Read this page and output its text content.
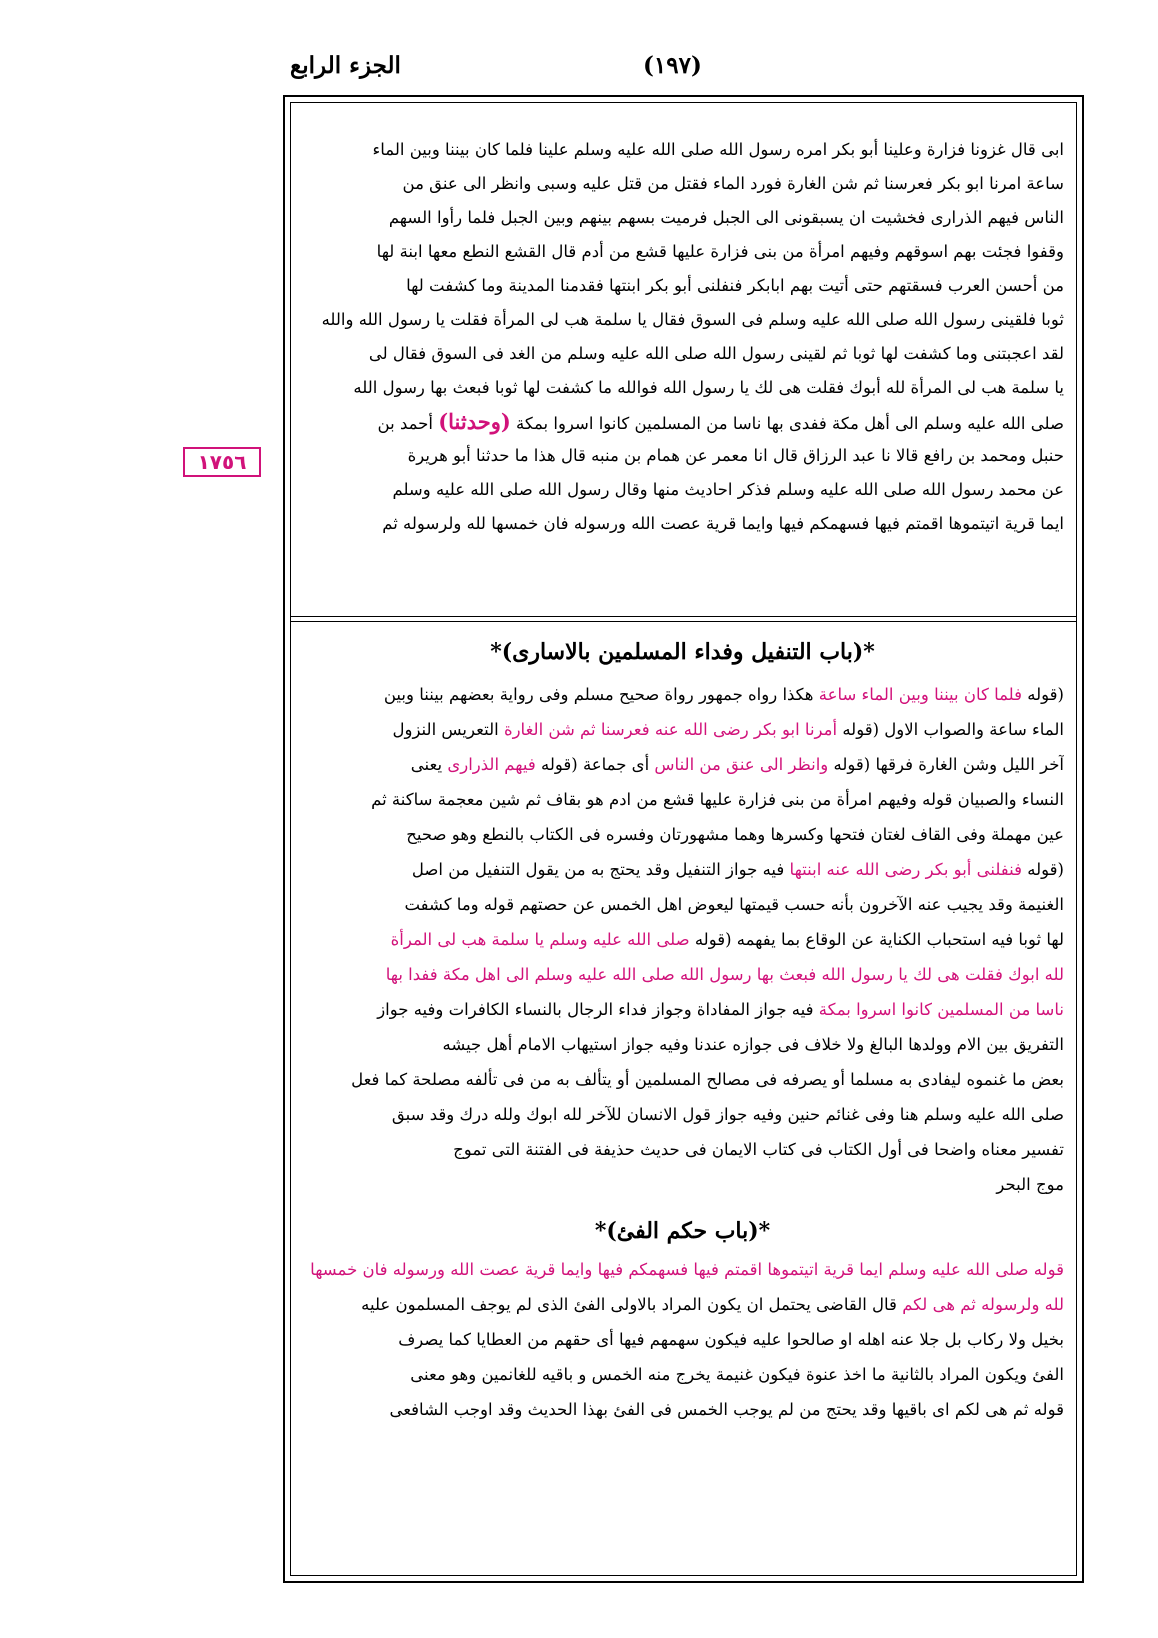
الجزء الرابع	(١٩٧)
١٧٥٦
ابى قال غزونا فزارة وعلينا أبو بكر امره رسول الله صلى الله عليه وسلم علينا فلما كان بيننا وبين الماء
ساعة امرنا ابو بكر فعرسنا ثم شن الغارة فورد الماء فقتل من قتل عليه وسبى وانظر الى عنق من
الناس فيهم الذرارى فخشيت ان يسبقونى الى الجبل فرميت بسهم بينهم وبين الجبل فلما رأوا السهم
وقفوا فجئت بهم اسوقهم وفيهم امرأة من بنى فزارة عليها قشع من أدم قال القشع النطع معها ابنة لها
من أحسن العرب فسقتهم حتى أتيت بهم ابابكر فنفلنى أبو بكر ابنتها فقدمنا المدينة وما كشفت لها
ثوبا فلقينى رسول الله صلى الله عليه وسلم فى السوق فقال يا سلمة هب لى المرأة فقلت يا رسول الله والله
لقد اعجبتنى وما كشفت لها ثوبا ثم لقينى رسول الله صلى الله عليه وسلم من الغد فى السوق فقال لى
يا سلمة هب لى المرأة لله أبوك فقلت هى لك يا رسول الله فوالله ما كشفت لها ثوبا فبعث بها رسول الله
صلى الله عليه وسلم الى أهل مكة ففدى بها ناسا من المسلمين كانوا اسروا بمكة (وحدثنا) أحمد بن
حنبل ومحمد بن رافع قالا نا عبد الرزاق قال انا معمر عن همام بن منبه قال هذا ما حدثنا أبو هريرة
عن محمد رسول الله صلى الله عليه وسلم فذكر احاديث منها وقال رسول الله صلى الله عليه وسلم
ايما قرية اتيتموها اقمتم فيها فسهمكم فيها وايما قرية عصت الله ورسوله فان خمسها لله ولرسوله ثم
*(باب التنفيل وفداء المسلمين بالاسارى)*
(قوله فلما كان بيننا وبين الماء ساعة هكذا رواه جمهور رواة صحيح مسلم وفى رواية بعضهم بيننا وبين
الماء ساعة والصواب الاول (قوله أمرنا ابو بكر رضى الله عنه فعرسنا ثم شن الغارة التعريس النزول
آخر الليل وشن الغارة فرقها (قوله وانظر الى عنق من الناس أى جماعة (قوله فيهم الذرارى يعنى
النساء والصبيان قوله وفيهم امرأة من بنى فزارة عليها قشع من ادم هو بقاف ثم شين معجمة ساكنة ثم
عين مهملة وفى القاف لغتان فتحها وكسرها وهما مشهورتان وفسره فى الكتاب بالنطع وهو صحيح
(قوله فنفلنى أبو بكر رضى الله عنه ابنتها فيه جواز التنفيل وقد يحتج به من يقول التنفيل من اصل
الغنيمة وقد يجيب عنه الآخرون بأنه حسب قيمتها ليعوض اهل الخمس عن حصتهم قوله وما كشفت
لها ثوبا فيه استحباب الكناية عن الوقاع بما يفهمه (قوله صلى الله عليه وسلم يا سلمة هب لى المرأة
لله ابوك فقلت هى لك يا رسول الله فبعث بها رسول الله صلى الله عليه وسلم الى اهل مكة ففدا بها
ناسا من المسلمين كانوا اسروا بمكة فيه جواز المفاداة وجواز فداء الرجال بالنساء الكافرات وفيه جواز
التفريق بين الام وولدها البالغ ولا خلاف فى جوازه عندنا وفيه جواز استيهاب الامام أهل جيشه
بعض ما غنموه ليفادى به مسلما أو يصرفه فى مصالح المسلمين أو يتألف به من فى تألفه مصلحة كما فعل
صلى الله عليه وسلم هنا وفى غنائم حنين وفيه جواز قول الانسان للآخر لله ابوك ولله درك وقد سبق
تفسير معناه واضحا فى أول الكتاب فى كتاب الايمان فى حديث حذيفة فى الفتنة التى تموج
موج البحر
*(باب حكم الفئ)*
قوله صلى الله عليه وسلم ايما قرية اتيتموها اقمتم فيها فسهمكم فيها وايما قرية عصت الله ورسوله فان خمسها
لله ولرسوله ثم هى لكم قال القاضى يحتمل ان يكون المراد بالاولى الفئ الذى لم يوجف المسلمون عليه
بخيل ولا ركاب بل جلا عنه اهله او صالحوا عليه فيكون سهمهم فيها أى حقهم من العطايا كما يصرف
الفئ ويكون المراد بالثانية ما اخذ عنوة فيكون غنيمة يخرج منه الخمس و باقيه للغانمين وهو معنى
قوله ثم هى لكم اى باقيها وقد يحتج من لم يوجب الخمس فى الفئ بهذا الحديث وقد اوجب الشافعى
